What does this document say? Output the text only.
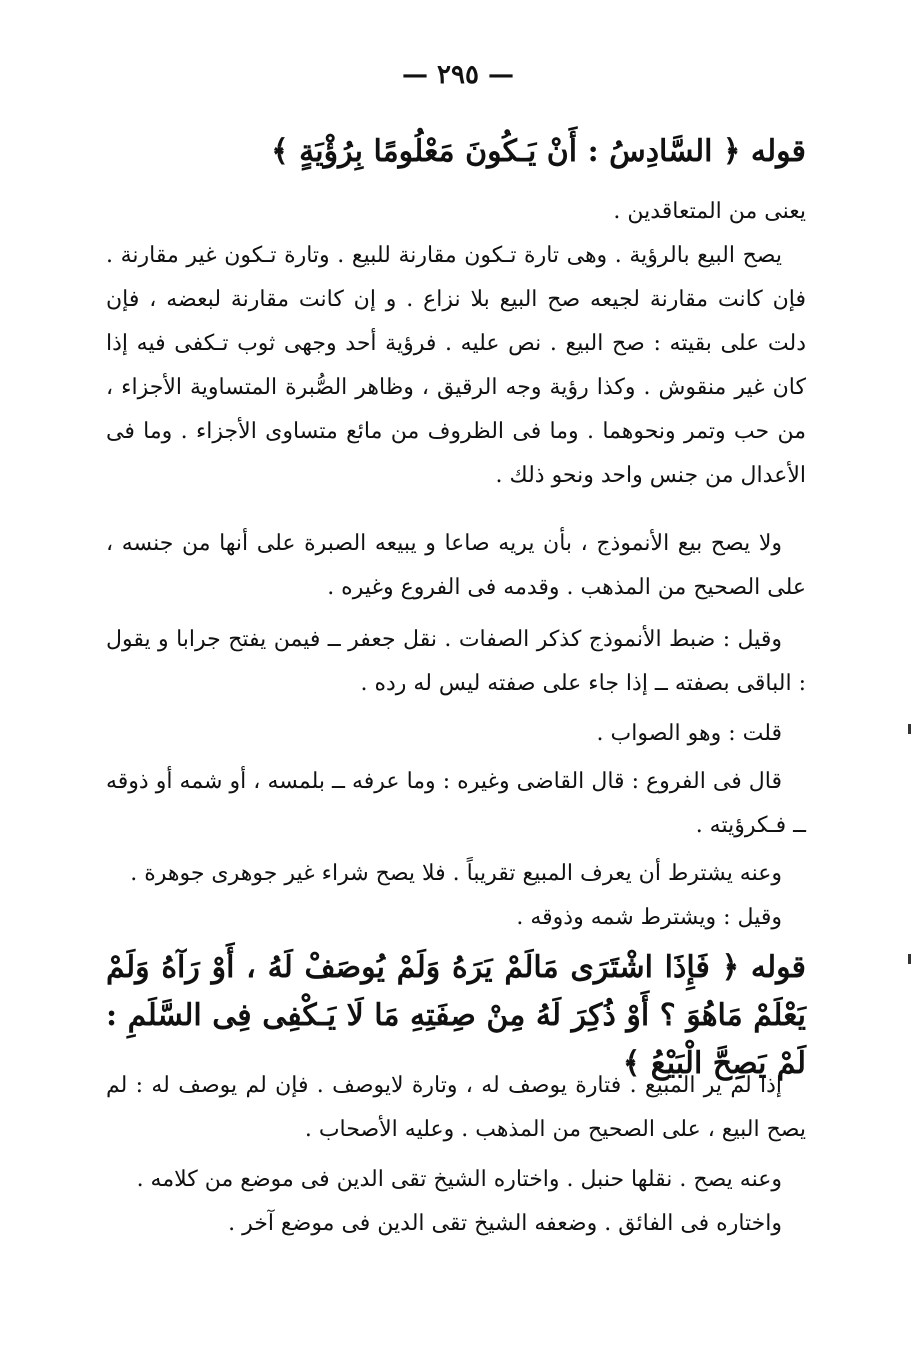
— ٢٩٥ —
قوله ﴿ السَّادِسُ : أَنْ يَـكُونَ مَعْلُومًا بِرُؤْيَةٍ ﴾

يعنى من المتعاقدين .

يصح البيع بالرؤية . وهى تارة تـكون مقارنة للبيع . وتارة تـكون غير مقارنة . فإن كانت مقارنة لجيعه صح البيع بلا نزاع . و إن كانت مقارنة لبعضه ، فإن دلت على بقيته : صح البيع . نص عليه . فرؤية أحد وجهى ثوب تـكفى فيه إذا كان غير منقوش . وكذا رؤية وجه الرقيق ، وظاهر الصُّبرة المتساوية الأجزاء ، من حب وتمر ونحوهما . وما فى الظروف من مائع متساوى الأجزاء . وما فى الأعدال من جنس واحد ونحو ذلك .

ولا يصح بيع الأنموذج ، بأن يريه صاعا و يبيعه الصبرة على أنها من جنسه ، على الصحيح من المذهب . وقدمه فى الفروع وغيره .

وقيل : ضبط الأنموذج كذكر الصفات . نقل جعفر ــ فيمن يفتح جرابا و يقول : الباقى بصفته ــ إذا جاء على صفته ليس له رده .

قلت : وهو الصواب .

قال فى الفروع : قال القاضى وغيره : وما عرفه ــ بلمسه ، أو شمه أو ذوقه ــ فـكرؤيته .

وعنه يشترط أن يعرف المبيع تقريباً . فلا يصح شراء غير جوهرى جوهرة .

وقيل : ويشترط شمه وذوقه .

قوله ﴿ فَإِذَا اشْتَرَى مَالَمْ يَرَهُ وَلَمْ يُوصَفْ لَهُ ، أَوْ رَآهُ وَلَمْ يَعْلَمْ مَاهُوَ ؟ أَوْ ذُكِرَ لَهُ مِنْ صِفَتِهِ مَا لَا يَـكْفِى فِى السَّلَمِ : لَمْ يَصِحَّ الْبَيْعُ ﴾

إذا لم ير المبيع . فتارة يوصف له ، وتارة لايوصف . فإن لم يوصف له : لم يصح البيع ، على الصحيح من المذهب . وعليه الأصحاب .

وعنه يصح . نقلها حنبل . واختاره الشيخ تقى الدين فى موضع من كلامه .

واختاره فى الفائق . وضعفه الشيخ تقى الدين فى موضع آخر .
